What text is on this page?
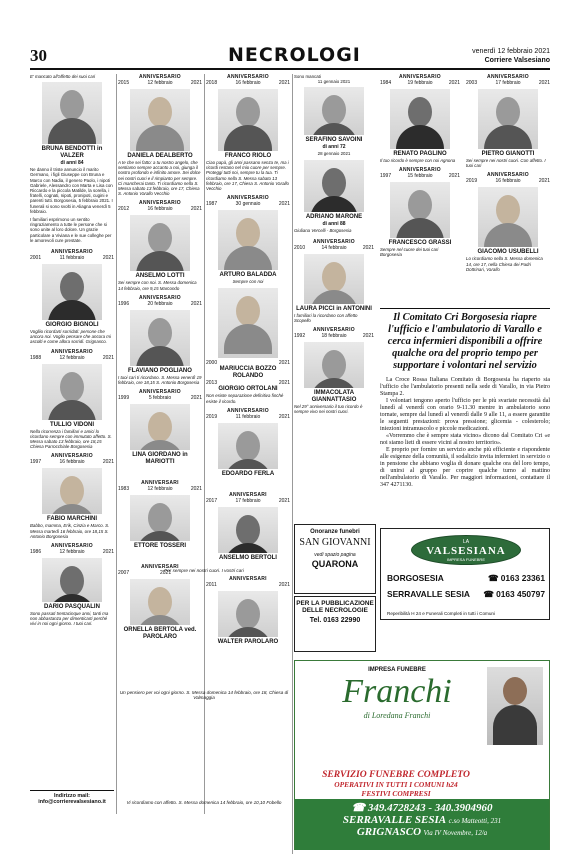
30	NECROLOGI	venerdì 12 febbraio 2021
Corriere Valsesiano
E' mancato all'affetto dei suoi cari
BRUNA BENDOTTI in VALZER
di anni 84
Ne danno il triste annuncio il marito Germano, i figli Giuseppe con Bruna e Marco con Nadia, il genero Paolo, i nipoti Gabriele, Alessandro con Marta e Lisa con Riccardo e la piccola Matilde, la sorella, i fratelli, cognati, nipoti, pronipoti, cugini e parenti tutti. Borgosesia, 5 febbraio 2021. I funerali si sono svolti in Aliagna venerdì 5 febbraio.
I familiari esprimono un sentito ringraziamento a tutte le persone che si sono unite al loro dolore. Un grazie particolare a Viviana e le sue colleghe per le amorevoli cure prestate.
ANNIVERSARIO
2001	11 febbraio	2021
GIORGIO BIGNOLI
Vogliio ricordarti sorridati: persone che ancora noi. Voglio pensare che ancora mi ascolti e come allora sorridi. Grignasco.
ANNIVERSARIO
1988	12 febbraio	2021
TULLIO VIDONI
Nella ricorrenza i familiari e amici lo ricordano sempre con immutato affetto. S. Messa sabato 13 febbraio, ore 18,15 Chiesa Parrocchiale Borgosesia
ANNIVERSARIO
1997	16 febbraio	2021
FABIO MARCHINI
Babbo, mamma, Erik, Cinzia e Marco. S. Messa martedì 16 febbraio, ore 18,15 S. Antonio Borgosesia
ANNIVERSARIO
1986	12 febbraio	2021
DARIO PASQUALIN
Sono passati trentacinque anni, tanti ma non abbastanza per dimenticarti perché vivi in noi ogni giorno. I tuoi cari.
Indirizzo mail: info@corrierevalsesiano.it
ANNIVERSARIO
2015	12 febbraio	2021
DANIELA DEALBERTO
A te che sei fatto: a tu nostro angelo, che sentiamo sempre accanto a noi, giunga il nostro profondo e infinito amore. Sei dolce nei nostri cuori e il rimpianto per sempre. Ci mancherai tanto. Ti ricordiamo nella S. Messa sabato 13 febbraio, ore 17, Chiesa S. Antonio Varallo Vecchio
ANNIVERSARIO
2012	16 febbraio	2021
ANSELMO LOTTI
Sei sempre con noi. S. Messa domenica 14 febbraio, ore 9,15 Marcondo
ANNIVERSARIO
1996	20 febbraio	2021
FLAVIANO POGLIANO
I tuoi cari ti ricordano. S. Messa venerdì 19 febbraio, ore 18,15 S. Antonio Borgosesia
ANNIVERSARIO
1999	5 febbraio	2021
LINA GIORDANO in MARIOTTI
ANNIVERSARI
1983	12 febbraio	2021
ETTORE TOSSERI
ANNIVERSARI
2007	2021
ORNELLA BERTOLA ved. PAROLARO
ANNIVERSARIO
2018	16 febbraio	2021
FRANCO RIOLO
Ciao papà, gli anni passano senza te, ma i ricordi restano nel mio cuore per sempre. Proteggi tutti noi, sempre tu la tua. Ti ricordiamo nella S. Messa sabato 13 febbraio, ore 17, Chiesa S. Antonio Varallo Vecchio
ANNIVERSARIO
1987	30 gennaio	2021
ARTURO BALADDA
Sempre con noi
2000	2021
MARIUCCIA BOZZO ROLANDO
2013	2021
GIORGIO ORTOLANI
Non esiste separazione definitiva finché esiste il ricordo.
ANNIVERSARIO
2019	11 febbraio	2021
EDOARDO FERLA
ANNIVERSARI
2017	17 febbraio	2021
ANSELMO BERTOLI
ANNIVERSARI
2011	2021
WALTER PAROLARO
Per sempre nei nostri cuori. I vostri cari
Un pensiero per voi ogni giorno. S. Messa domenica 14 febbraio, ore 18, Chiesa di Valmaggia
Vi ricordiamo con affetto. S. Messa domenica 14 febbraio, ore 10,10 Fobello
Sono mancati
11 gennaio 2021
SERAFINO SAVOINI
di anni 72
28 gennaio 2021
ADRIANO MARONE
di anni 88
Giuliana Vercelli - Borgosesia
ANNIVERSARIO
2010	14 febbraio	2021
LAURA PICCI in ANTONINI
I familiari la ricordano con affetto Scopello
ANNIVERSARIO
1992	18 febbraio	2021
IMMACOLATA GIANNATTASIO
Nel 29° anniversario il tuo ricordo è sempre vivo nei nostri cuori.
ANNIVERSARIO
1984	19 febbraio	2021
RENATO PAGLINO
Il tuo ricordo è sempre con noi Agnona
ANNIVERSARIO
1997	15 febbraio	2021
FRANCESCO GRASSI
Sempre nel cuore dei tuoi cari Borgosesia
ANNIVERSARIO
2003	17 febbraio	2021
PIETRO GIANOTTI
Sei sempre nei nostri cuori. Con affetto. I tuoi cari
ANNIVERSARIO
2019	16 febbraio	2021
GIACOMO USUBELLI
Lo ricordiamo nella S. Messa domenica 14, ore 17, nella Chiesa dei Padri Dottrinari, Varallo
Il Comitato Cri Borgosesia riapre l'ufficio e l'ambulatorio di Varallo e cerca infermieri disponibili a offrire qualche ora del proprio tempo per supportare i volontari nel servizio

La Croce Rossa Italiana Comitato di Borgosesia ha riaperto sia l'ufficio che l'ambulatorio presenti nella sede di Varallo, in via Pietro Stampa 2.

I volontari tengono aperto l'ufficio per le più svariate necessità dal lunedì al venerdì con orario 9-11.30 mentre in ambulatorio sono tornate, sempre dal lunedì al venerdì dalle 9 alle 11, a essere garantite le seguenti prestazioni: prova pressione; glicemia - colesterolo; iniezioni intramuscolo e piccole medicazioni.

«Vorremmo che è sempre stata vicino» dicono dal Comitato Cri «e noi siamo lieti di essere vicini al nostro territorio».

E proprio per fornire un servizio anche più efficiente e rispondente alle esigenze della comunità, il sodalizio invita infermieri in servizio o in pensione che abbiano voglia di donare qualche ora del loro tempo, di unirsi al gruppo per coprire qualche turno al mattino nell'ambulatorio di Varallo. Per maggiori informazioni, contattare il 347 4271130.

Onoranze funebri
SAN GIOVANNI
vedi spazio pagina
QUARONA
PER LA PUBBLICAZIONE DELLE NECROLOGIE
Tel. 0163 22990
LA
VALSESIANA
IMPRESA FUNEBRE
BORGOSESIA	☎ 0163 23361
SERRAVALLE SESIA ☎ 0163 450797
Reperibilità H 24 e Funerali Completi in tutti i Comuni
IMPRESA FUNEBRE
Franchi
di Loredana Franchi
SERVIZIO FUNEBRE COMPLETO
OPERATIVI IN TUTTI I COMUNI h24
FESTIVI COMPRESI
☎ 349.4728243 - 340.3904960
SERRAVALLE SESIA c.so Matteotti, 231
GRIGNASCO Via IV Novembre, 12/a
